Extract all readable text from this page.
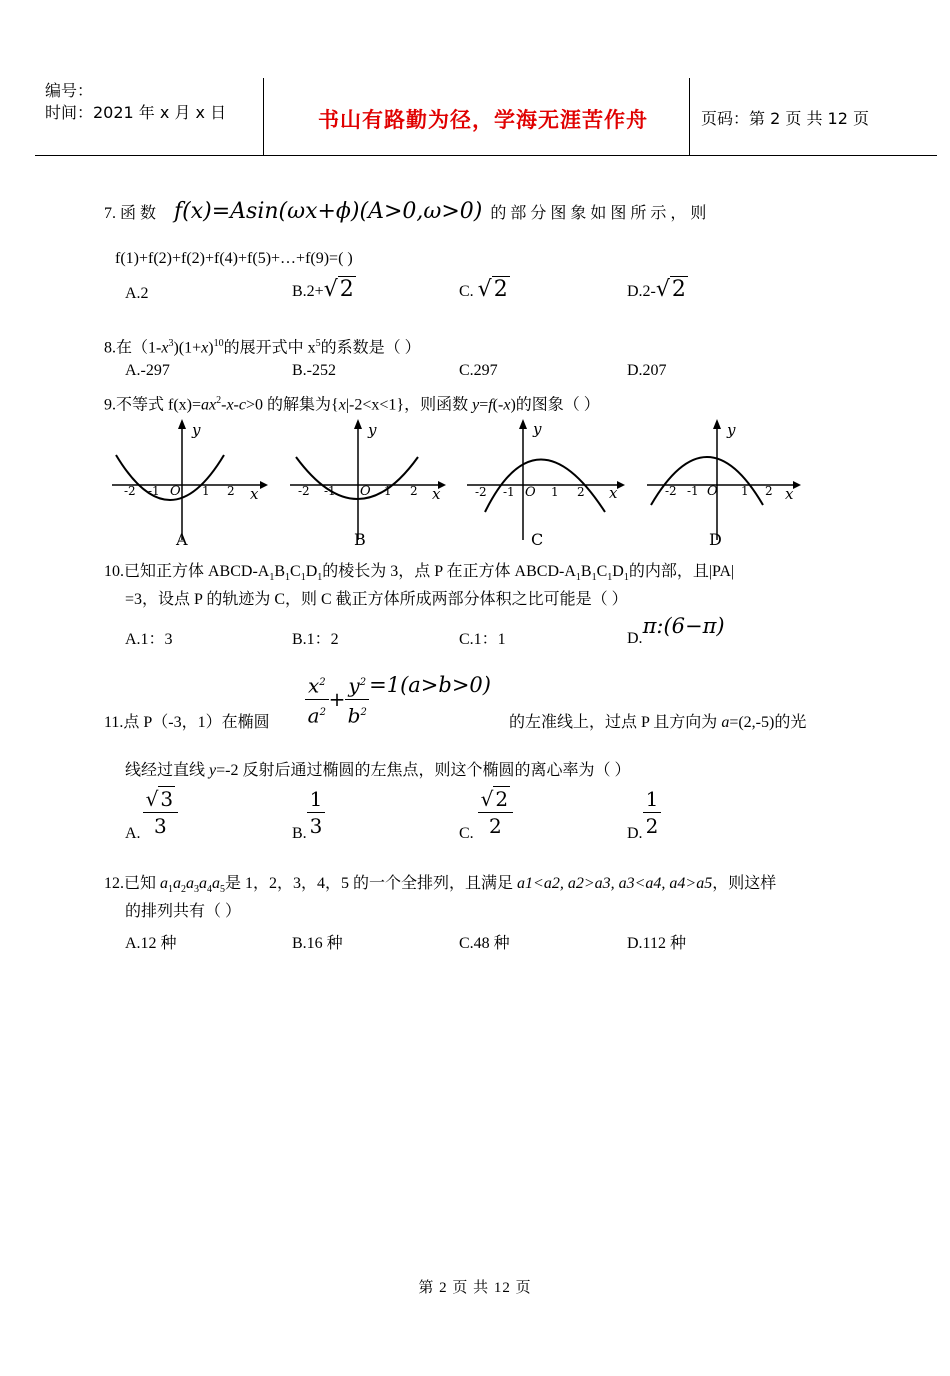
编号：
时间：2021 年 x 月 x 日	书山有路勤为径，学海无涯苦作舟	页码：第 2 页 共 12 页
7. 函 数 f(x)=Asin(ωx+ϕ)(A>0,ω>0) 的 部 分 图 象 如 图 所 示 ， 则
f(1)+f(2)+f(2)+f(4)+f(5)+…+f(9)=( )
A.2	B.2+√2	C. √2	D.2-√2
8.在$(1-x^3)(1+x)^{10}$的展开式中 $x^5$的系数是（ ）
A.-297	B.-252	C.297	D.207
9.不等式 $f(x)=ax^2-x-c>0$ 的解集为{x|-2<x<1}，则函数 y=f(-x)的图象（ ）
y
x
-2 -1 O 1 2
A
y
x
-2 -1 O 1 2
B
y
x
-2 -1 O 1 2
C
y
x
-2 -1 O 1 2
D
10.已知正方体 ABCD-$A_1B_1C_1D_1$的棱长为 3，点 P 在正方体 ABCD-$A_1B_1C_1D_1$的内部，且|PA|
=3，设点 P 的轨迹为 C，则 C 截正方体所成两部分体积之比可能是（ ）
A.1：3	B.1：2	C.1：1	D.π:(6−π)
$\frac{x^2}{a^2} + \frac{y^2}{b^2} =1(a>b>0)$
11.点 P（-3，1）在椭圆	的左准线上，过点 P 且方向为 a=(2,-5)的光
线经过直线 y=-2 反射后通过椭圆的左焦点，则这个椭圆的离心率为（ ）
A. $\frac{√ 3}{3}$	B. $\frac{1}{3}$	C. $\frac{√ 2}{2}$	D. $\frac{1}{2}$
12.已知 $a_1a_2a_3a_4a_5$是 1，2，3，4，5 的一个全排列，且满足 a1<a2, a2>a3, a3<a4, a4>a5，则这样
的排列共有（ ）
A.12 种	B.16 种	C.48 种	D.112 种
第 2 页 共 12 页
